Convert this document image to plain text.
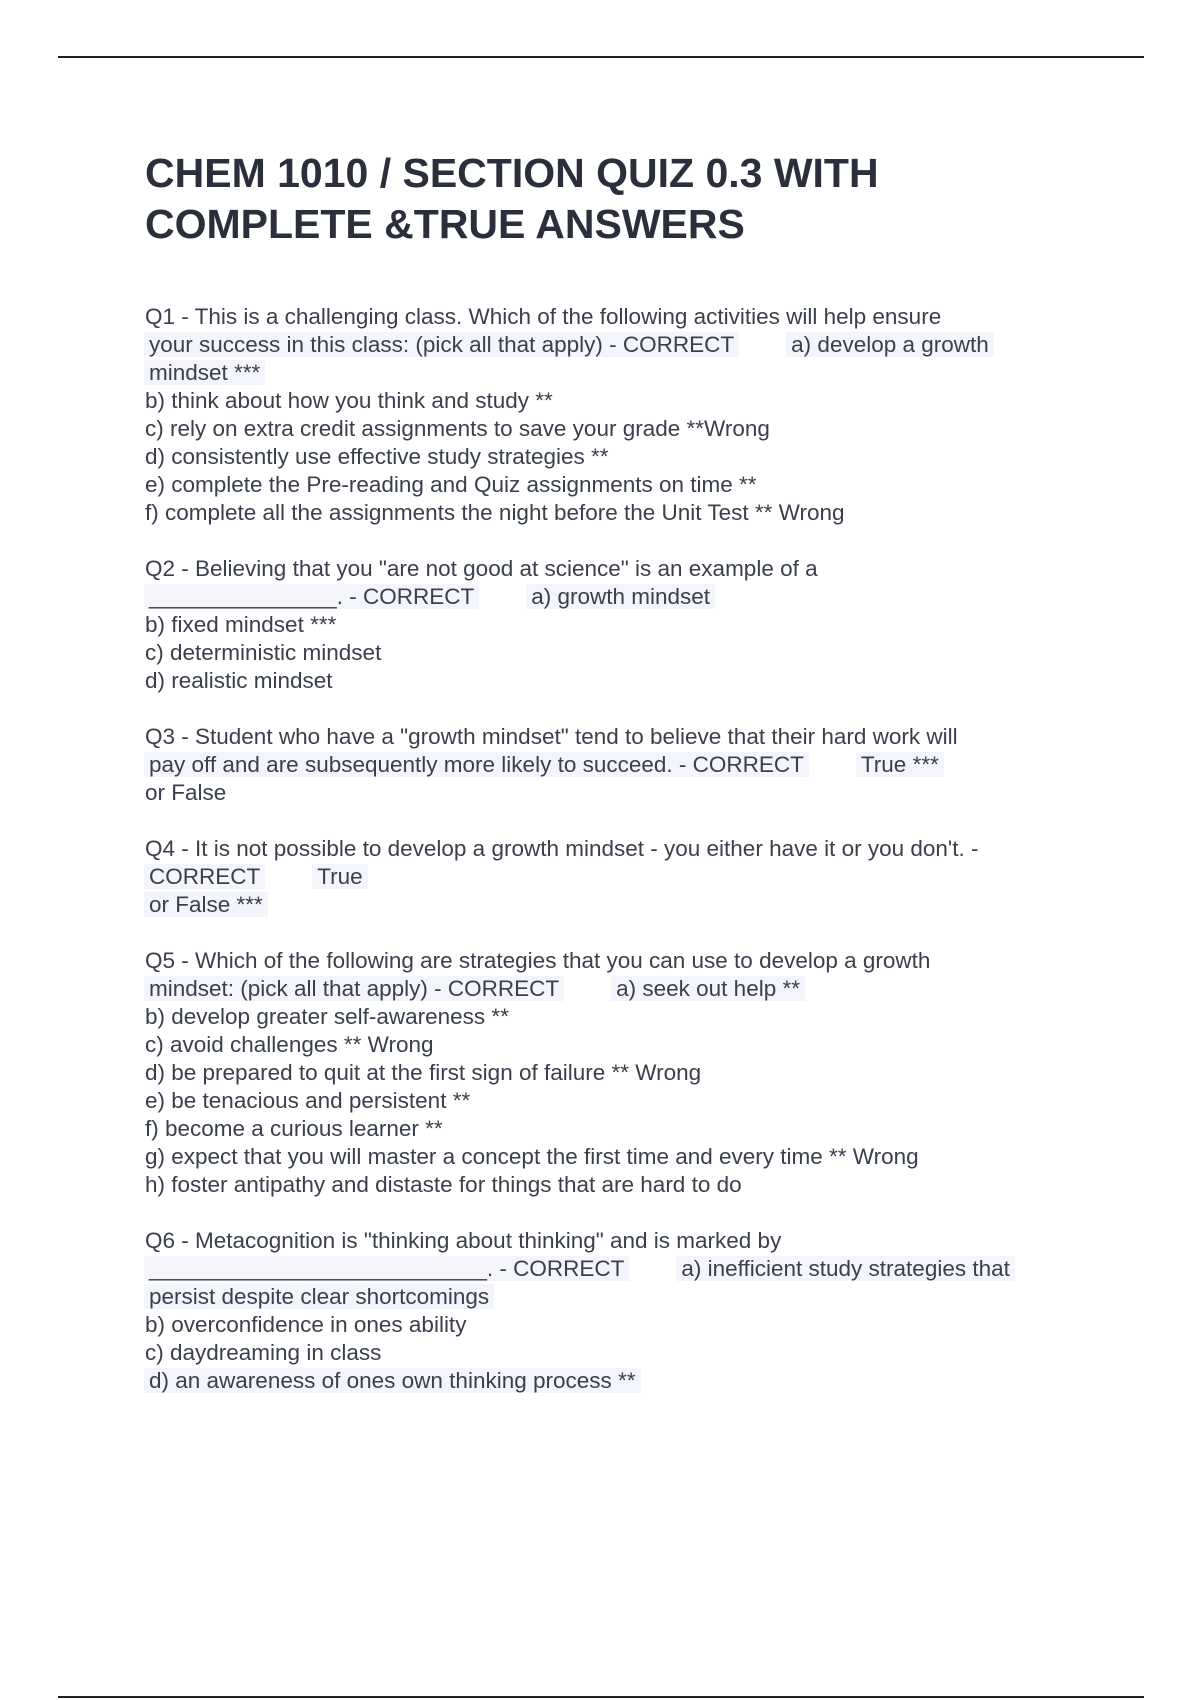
CHEM 1010 / SECTION QUIZ 0.3 WITH
COMPLETE &TRUE ANSWERS
Q1 - This is a challenging class. Which of the following activities will help ensure
your success in this class: (pick all that apply) - CORRECT	a) develop a growth
mindset ***
b) think about how you think and study **
c) rely on extra credit assignments to save your grade **Wrong
d) consistently use effective study strategies **
e) complete the Pre-reading and Quiz assignments on time **
f) complete all the assignments the night before the Unit Test ** Wrong
Q2 - Believing that you "are not good at science" is an example of a
_______________. - CORRECT	a) growth mindset
b) fixed mindset ***
c) deterministic mindset
d) realistic mindset
Q3 - Student who have a "growth mindset" tend to believe that their hard work will
pay off and are subsequently more likely to succeed. - CORRECT	True ***
or False
Q4 - It is not possible to develop a growth mindset - you either have it or you don't. -
CORRECT	True
or False ***
Q5 - Which of the following are strategies that you can use to develop a growth
mindset: (pick all that apply) - CORRECT	a) seek out help **
b) develop greater self-awareness **
c) avoid challenges ** Wrong
d) be prepared to quit at the first sign of failure ** Wrong
e) be tenacious and persistent **
f) become a curious learner **
g) expect that you will master a concept the first time and every time ** Wrong
h) foster antipathy and distaste for things that are hard to do
Q6 - Metacognition is "thinking about thinking" and is marked by
___________________________. - CORRECT	a) inefficient study strategies that
persist despite clear shortcomings
b) overconfidence in ones ability
c) daydreaming in class
d) an awareness of ones own thinking process **
